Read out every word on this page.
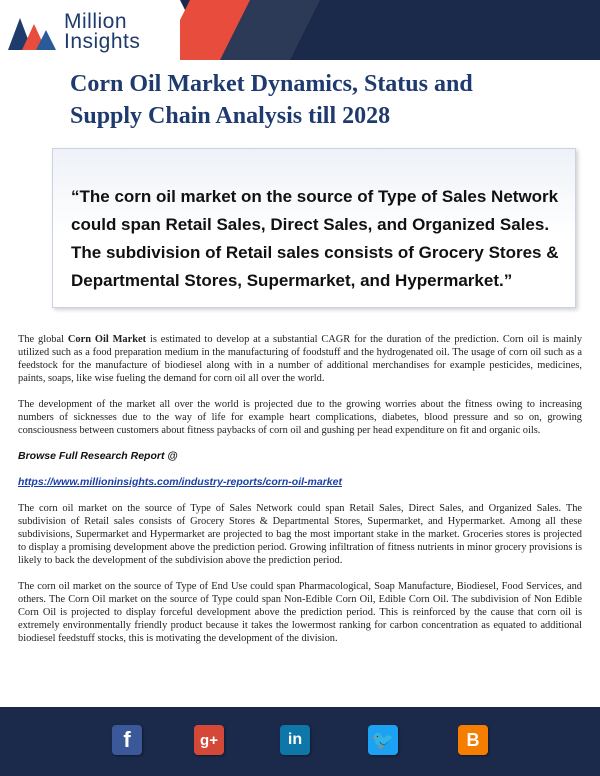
Million
Insights
Corn Oil Market Dynamics, Status and Supply Chain Analysis till 2028

“The corn oil market on the source of Type of Sales Network could span Retail Sales, Direct Sales, and Organized Sales. The subdivision of Retail sales consists of Grocery Stores & Departmental Stores, Supermarket, and Hypermarket.”

The global Corn Oil Market is estimated to develop at a substantial CAGR for the duration of the prediction. Corn oil is mainly utilized such as a food preparation medium in the manufacturing of foodstuff and the hydrogenated oil. The usage of corn oil such as a feedstock for the manufacture of biodiesel along with in a number of additional merchandises for example pesticides, medicines, paints, soaps, like wise fueling the demand for corn oil all over the world.

The development of the market all over the world is projected due to the growing worries about the fitness owing to increasing numbers of sicknesses due to the way of life for example heart complications, diabetes, blood pressure and so on, growing consciousness between customers about fitness paybacks of corn oil and gushing per head expenditure on fit and organic oils.

Browse Full Research Report @

https://www.millioninsights.com/industry-reports/corn-oil-market

The corn oil market on the source of Type of Sales Network could span Retail Sales, Direct Sales, and Organized Sales. The subdivision of Retail sales consists of Grocery Stores & Departmental Stores, Supermarket, and Hypermarket. Among all these subdivisions, Supermarket and Hypermarket are projected to bag the most important stake in the market. Groceries stores is projected to display a promising development above the prediction period. Growing infiltration of fitness nutrients in minor grocery provisions is likely to back the development of the subdivision above the prediction period.

The corn oil market on the source of Type of End Use could span Pharmacological, Soap Manufacture, Biodiesel, Food Services, and others. The Corn Oil market on the source of Type could span Non-Edible Corn Oil, Edible Corn Oil. The subdivision of Non Edible Corn Oil is projected to display forceful development above the prediction period. This is reinforced by the cause that corn oil is extremely environmentally friendly product because it takes the lowermost ranking for carbon concentration as equated to additional biodiesel feedstuff stocks, this is motivating the development of the division.

f	g+	in	🐦	B
